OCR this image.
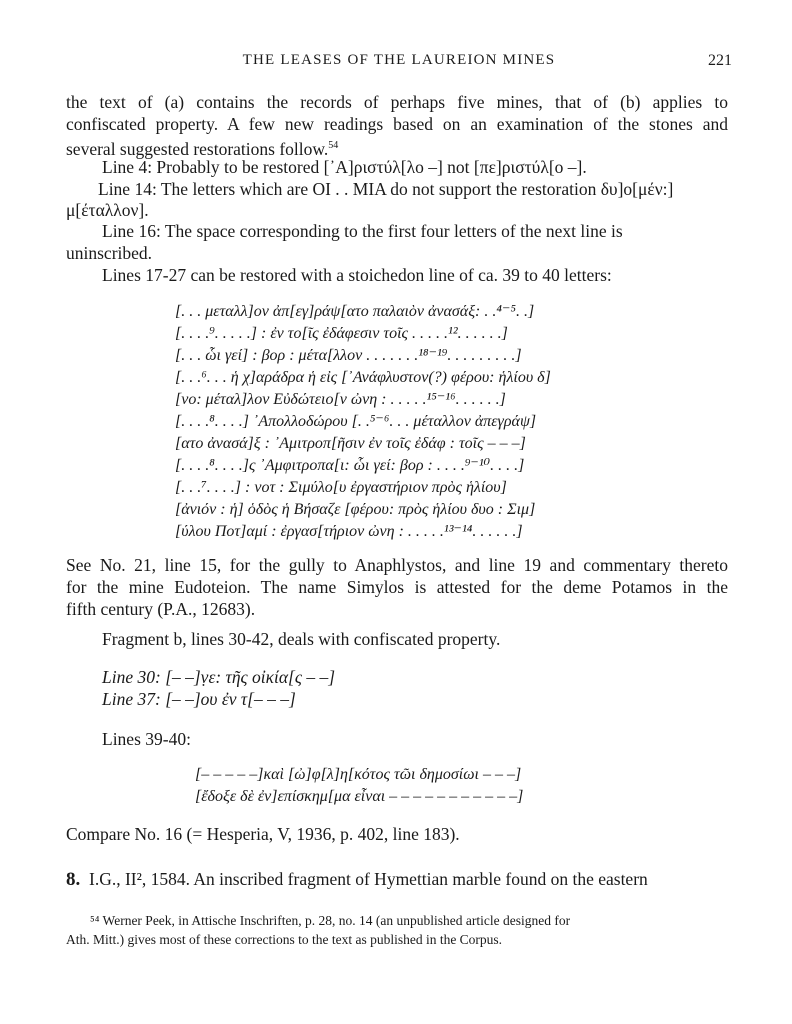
THE LEASES OF THE LAUREION MINES	221
the text of (a) contains the records of perhaps five mines, that of (b) applies to
confiscated property. A few new readings based on an examination of the stones and
several suggested restorations follow.$^{54}$
Line 4: Probably to be restored [᾿Α]ριστύλ[λο –] not [πε]ριστύλ[ο –].
Line 14: The letters which are OI . . MIA do not support the restoration δυ]ο[μέν:]
μ[έταλλον].
Line 16: The space corresponding to the first four letters of the next line is
uninscribed.
Lines 17-27 can be restored with a stoichedon line of ca. 39 to 40 letters:
[. . . μεταλλ]ον ἀπ[εγ]ράψ[ατο παλαιὸν ἀνασάξ: . .⁴⁻⁵. .]
[. . . .⁹. . . . .] : ἐν το[ῖς ἐδάφεσιν τοῖς . . . . .¹². . . . . .]
[. . . ὧι γεί] : βορ : μέτα[λλον . . . . . . .¹⁸⁻¹⁹. . . . . . . . .]
[. . .⁶. . . ἡ χ]αράδρα ἡ εἰς [᾿Ανάφλυστον(?) φέρου: ἡλίου δ]
[νο: μέταλ]λον Εὐδώτειο[ν ὠνη : . . . . .¹⁵⁻¹⁶. . . . . .]
[. . . .⁸. . . .] ᾿Απολλοδώρου [. .⁵⁻⁶. . . μέταλλον ἀπεγράψ]
[ατο ἀνασά]ξ : ᾿Αμιτροπ[ῆσιν ἐν τοῖς ἐδάφ : τοῖς – – –]
[. . . .⁸. . . .]ς ᾿Αμφιτροπα[ι: ὧι γεί: βορ : . . . .⁹⁻¹⁰. . . .]
[. . .⁷. . . .] : νοτ : Σιμύλο[υ ἐργαστήριον πρὸς ἡλίου]
[ἀνιόν : ἡ] ὁδὸς ἡ Βήσαζε [φέρου: πρὸς ἡλίου δυο : Σιμ]
[ύλου Ποτ]αμί : ἐργασ[τήριον ὠνη : . . . . .¹³⁻¹⁴. . . . . .]
See No. 21, line 15, for the gully to Anaphlystos, and line 19 and commentary thereto
for the mine Eudoteion. The name Simylos is attested for the deme Potamos in the
fifth century (P.A., 12683).
Fragment b, lines 30-42, deals with confiscated property.
Line 30: [– –]ṿε: τῆς οἰκία[ς – –]
Line 37: [– –]ου ἐν τ[– – –]
Lines 39-40:
[– – – – –]καὶ [ὠ]φ[λ]η[κότος τῶι δημοσίωι – – –]
[ἔδοξε δὲ ἐν]επίσκημ[μα εἶναι – – – – – – – – – – –]
Compare No. 16 (= Hesperia, V, 1936, p. 402, line 183).
8. I.G., II², 1584. An inscribed fragment of Hymettian marble found on the eastern
⁵⁴ Werner Peek, in Attische Inschriften, p. 28, no. 14 (an unpublished article designed for
Ath. Mitt.) gives most of these corrections to the text as published in the Corpus.
